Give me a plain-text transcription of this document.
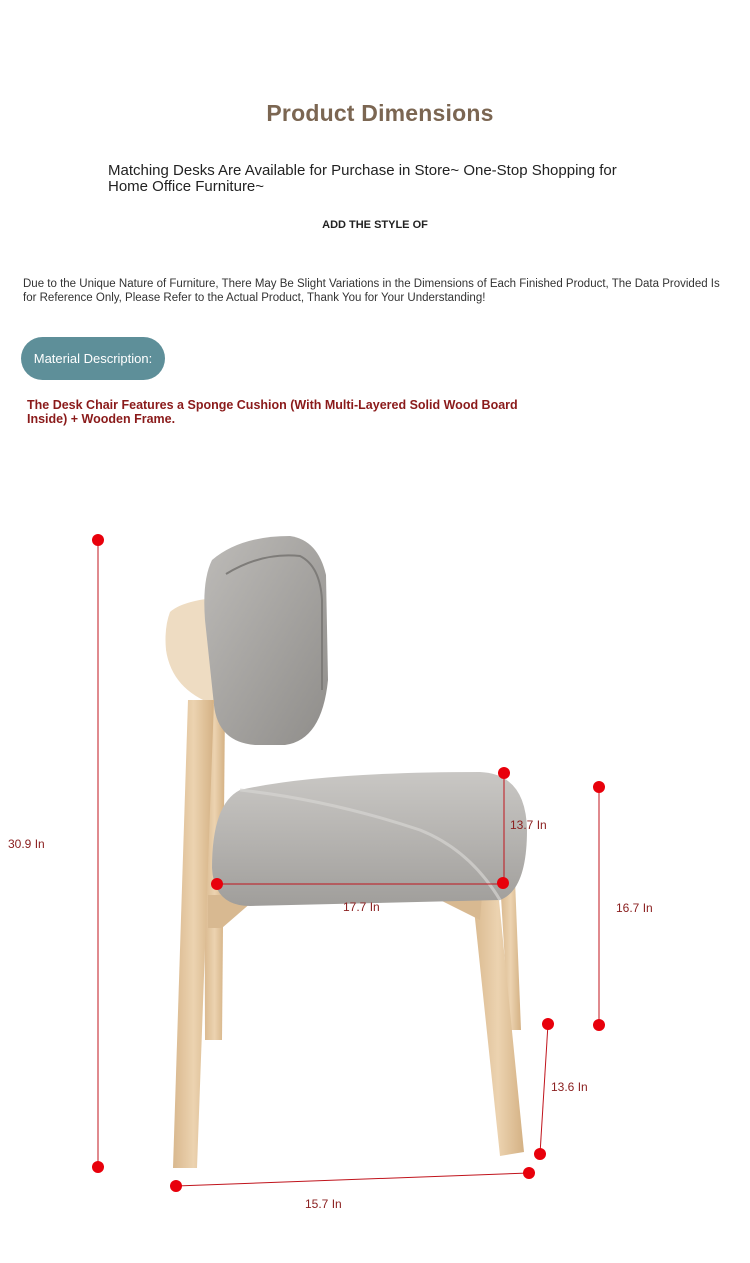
Product Dimensions
Matching Desks Are Available for Purchase in Store~ One-Stop Shopping for Home Office Furniture~
ADD THE STYLE OF
Due to the Unique Nature of Furniture, There May Be Slight Variations in the Dimensions of Each Finished Product, The Data Provided Is for Reference Only, Please Refer to the Actual Product, Thank You for Your Understanding!
Material Description:
The Desk Chair Features a Sponge Cushion (With Multi-Layered Solid Wood Board Inside) + Wooden Frame.
30.9 In
13.7 In
17.7 In	16.7 In
13.6 In
15.7 In
